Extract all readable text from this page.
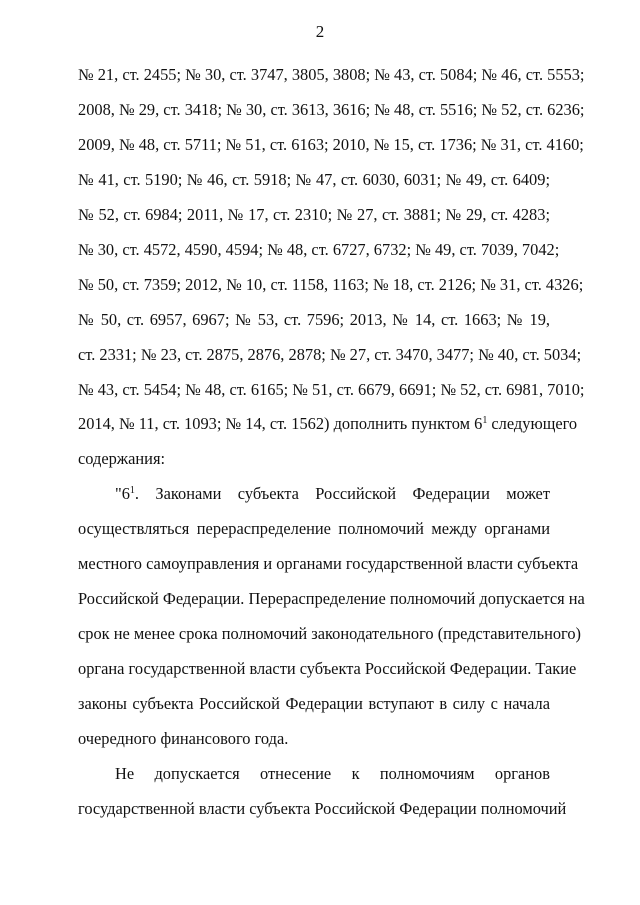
2
№ 21, ст. 2455; № 30, ст. 3747, 3805, 3808; № 43, ст. 5084; № 46, ст. 5553;
2008, № 29, ст. 3418; № 30, ст. 3613, 3616; № 48, ст. 5516; № 52, ст. 6236;
2009, № 48, ст. 5711; № 51, ст. 6163; 2010, № 15, ст. 1736; № 31, ст. 4160;
№ 41, ст. 5190; № 46, ст. 5918; № 47, ст. 6030, 6031; № 49, ст. 6409;
№ 52, ст. 6984; 2011, № 17, ст. 2310; № 27, ст. 3881; № 29, ст. 4283;
№ 30, ст. 4572, 4590, 4594; № 48, ст. 6727, 6732; № 49, ст. 7039, 7042;
№ 50, ст. 7359; 2012, № 10, ст. 1158, 1163; № 18, ст. 2126; № 31, ст. 4326;
№ 50, ст. 6957, 6967; № 53, ст. 7596; 2013, № 14, ст. 1663; № 19,
ст. 2331; № 23, ст. 2875, 2876, 2878; № 27, ст. 3470, 3477; № 40, ст. 5034;
№ 43, ст. 5454; № 48, ст. 6165; № 51, ст. 6679, 6691; № 52, ст. 6981, 7010;
2014, № 11, ст. 1093; № 14, ст. 1562) дополнить пунктом $6^1$ следующего
содержания:
"$6^1$. Законами субъекта Российской Федерации может
осуществляться перераспределение полномочий между органами
местного самоуправления и органами государственной власти субъекта
Российской Федерации. Перераспределение полномочий допускается на
срок не менее срока полномочий законодательного (представительного)
органа государственной власти субъекта Российской Федерации. Такие
законы субъекта Российской Федерации вступают в силу с начала
очередного финансового года.
Не допускается отнесение к полномочиям органов
государственной власти субъекта Российской Федерации полномочий
